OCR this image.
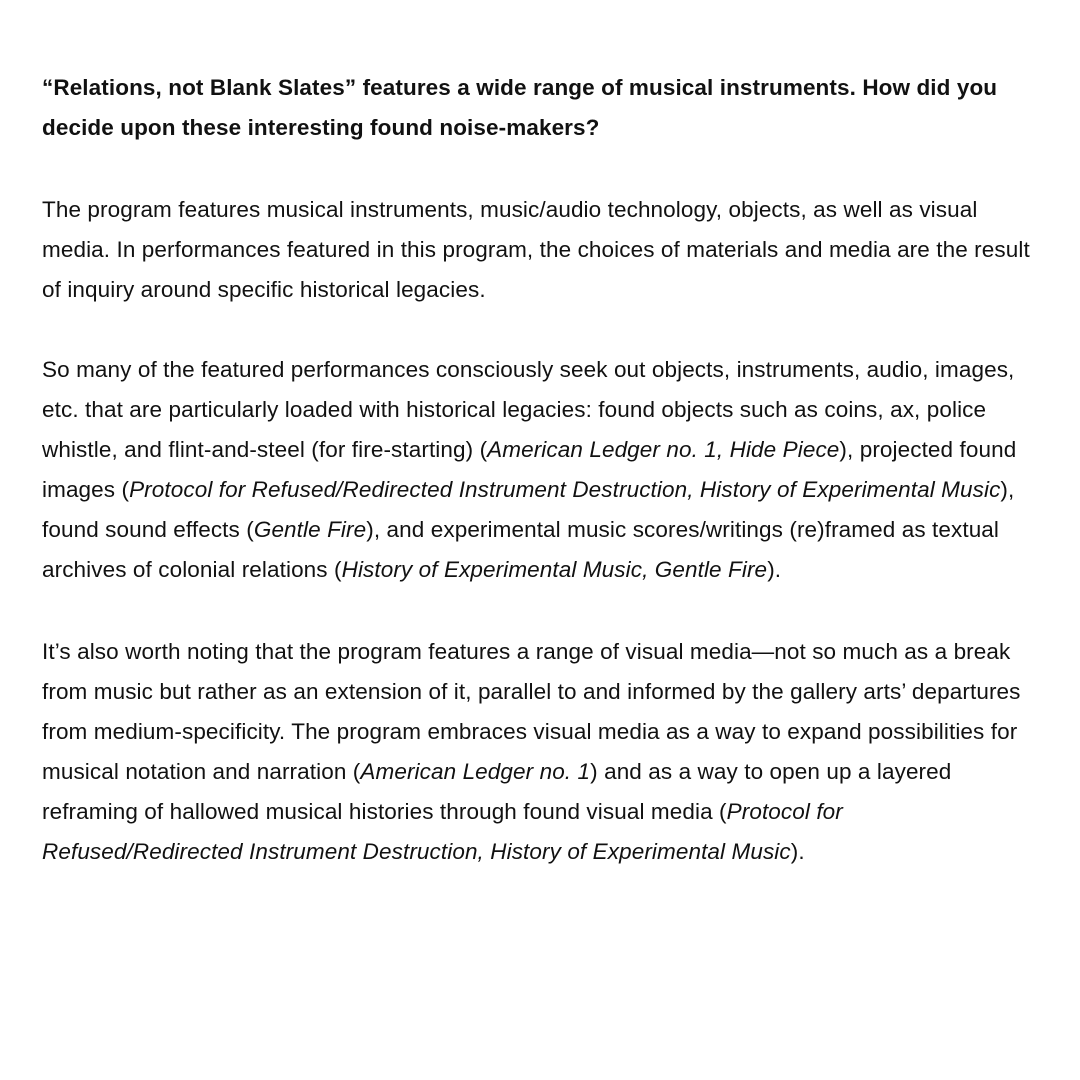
“Relations, not Blank Slates” features a wide range of musical instruments. How did you decide upon these interesting found noise-makers?

The program features musical instruments, music/audio technology, objects, as well as visual media. In performances featured in this program, the choices of materials and media are the result of inquiry around specific historical legacies.

So many of the featured performances consciously seek out objects, instruments, audio, images, etc. that are particularly loaded with historical legacies: found objects such as coins, ax, police whistle, and flint-and-steel (for fire-starting) (American Ledger no. 1, Hide Piece), projected found images (Protocol for Refused/Redirected Instrument Destruction, History of Experimental Music), found sound effects (Gentle Fire), and experimental music scores/writings (re)framed as textual archives of colonial relations (History of Experimental Music, Gentle Fire).

It’s also worth noting that the program features a range of visual media—not so much as a break from music but rather as an extension of it, parallel to and informed by the gallery arts’ departures from medium-specificity. The program embraces visual media as a way to expand possibilities for musical notation and narration (American Ledger no. 1) and as a way to open up a layered reframing of hallowed musical histories through found visual media (Protocol for Refused/Redirected Instrument Destruction, History of Experimental Music).
